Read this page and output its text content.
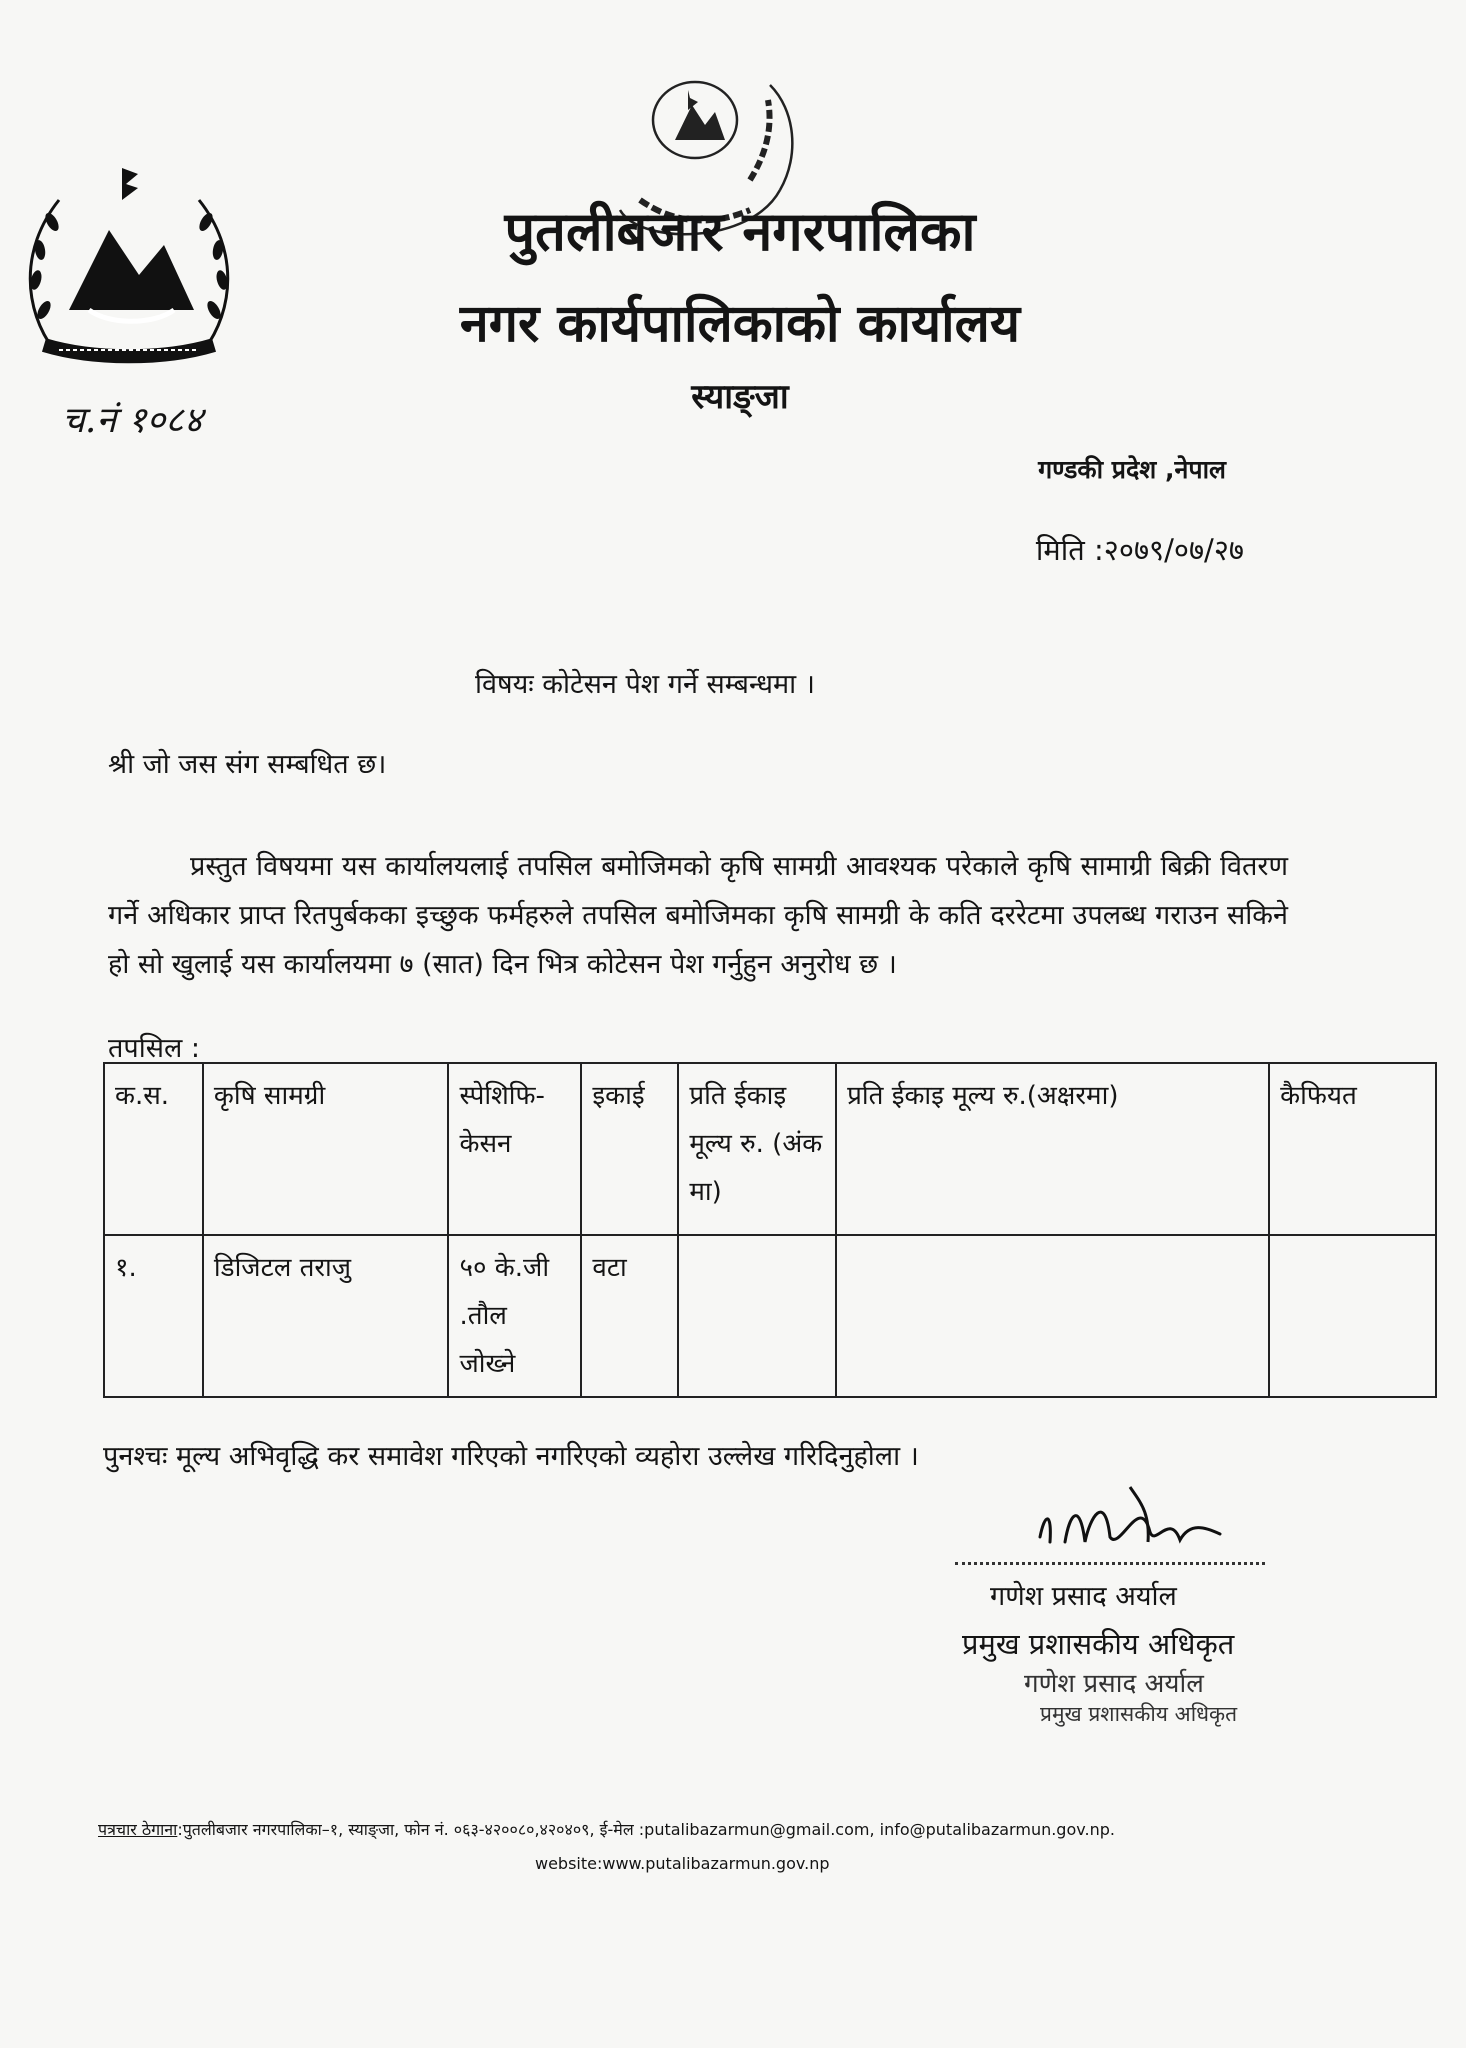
पुतलीबजार नगरपालिका
नगर कार्यपालिकाको कार्यालय
स्याङ्जा
च.नं १०८४
गण्डकी प्रदेश ,नेपाल
मिति :२०७९/०७/२७
विषयः कोटेसन पेश गर्ने सम्बन्धमा ।
श्री जो जस संग सम्बधित छ।
प्रस्तुत विषयमा यस कार्यालयलाई तपसिल बमोजिमको कृषि सामग्री आवश्यक परेकाले कृषि सामाग्री बिक्री वितरण गर्ने अधिकार प्राप्त रितपुर्बकका इच्छुक फर्महरुले तपसिल बमोजिमका कृषि सामग्री के कति दररेटमा उपलब्ध गराउन सकिने हो सो खुलाई यस कार्यालयमा ७ (सात) दिन भित्र कोटेसन पेश गर्नुहुन अनुरोध छ ।
तपसिल :
क.स.	कृषि सामग्री	स्पेशिफि-केसन	इकाई	प्रति ईकाइ मूल्य रु. (अंक मा)	प्रति ईकाइ मूल्य रु.(अक्षरमा)	कैफियत
१.	डिजिटल तराजु	५० के.जी .तौल जोख्ने	वटा			
पुनश्चः मूल्य अभिवृद्धि कर समावेश गरिएको नगरिएको व्यहोरा उल्लेख गरिदिनुहोला ।
गणेश प्रसाद अर्याल
प्रमुख प्रशासकीय अधिकृत
गणेश प्रसाद अर्याल
प्रमुख प्रशासकीय अधिकृत
पत्रचार ठेगाना:पुतलीबजार नगरपालिका–१, स्याङ्जा, फोन नं. ०६३-४२००८०,४२०४०९, ई-मेल :putalibazarmun@gmail.com, info@putalibazarmun.gov.np.
website:www.putalibazarmun.gov.np
